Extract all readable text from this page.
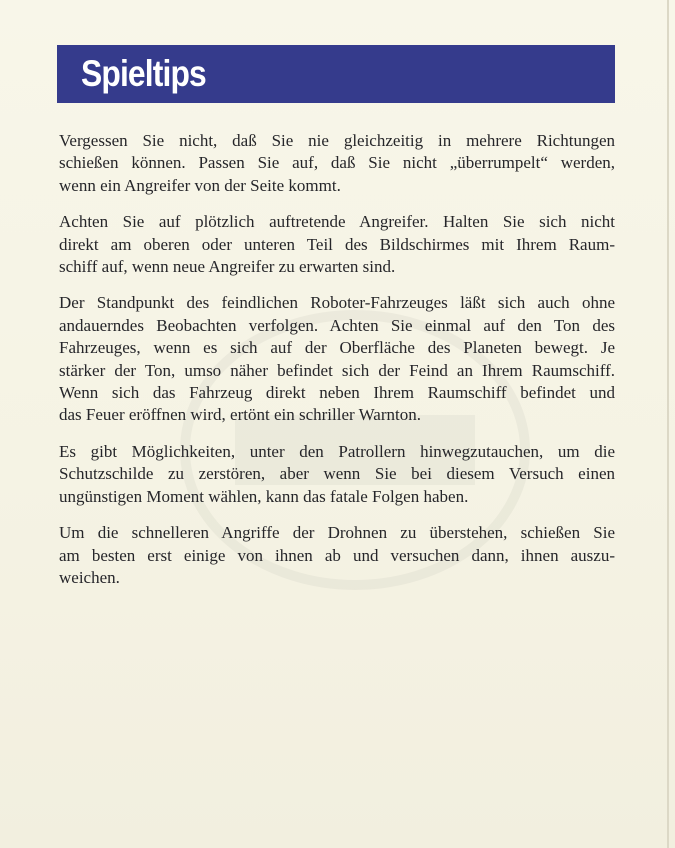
Spieltips
Vergessen Sie nicht, daß Sie nie gleichzeitig in mehrere Richtungen
schießen können. Passen Sie auf, daß Sie nicht „überrumpelt“ werden,
wenn ein Angreifer von der Seite kommt.
Achten Sie auf plötzlich auftretende Angreifer. Halten Sie sich nicht
direkt am oberen oder unteren Teil des Bildschirmes mit Ihrem Raum-
schiff auf, wenn neue Angreifer zu erwarten sind.
Der Standpunkt des feindlichen Roboter-Fahrzeuges läßt sich auch ohne
andauerndes Beobachten verfolgen. Achten Sie einmal auf den Ton des
Fahrzeuges, wenn es sich auf der Oberfläche des Planeten bewegt. Je
stärker der Ton, umso näher befindet sich der Feind an Ihrem Raumschiff.
Wenn sich das Fahrzeug direkt neben Ihrem Raumschiff befindet und
das Feuer eröffnen wird, ertönt ein schriller Warnton.
Es gibt Möglichkeiten, unter den Patrollern hinwegzutauchen, um die
Schutzschilde zu zerstören, aber wenn Sie bei diesem Versuch einen
ungünstigen Moment wählen, kann das fatale Folgen haben.
Um die schnelleren Angriffe der Drohnen zu überstehen, schießen Sie
am besten erst einige von ihnen ab und versuchen dann, ihnen auszu-
weichen.
